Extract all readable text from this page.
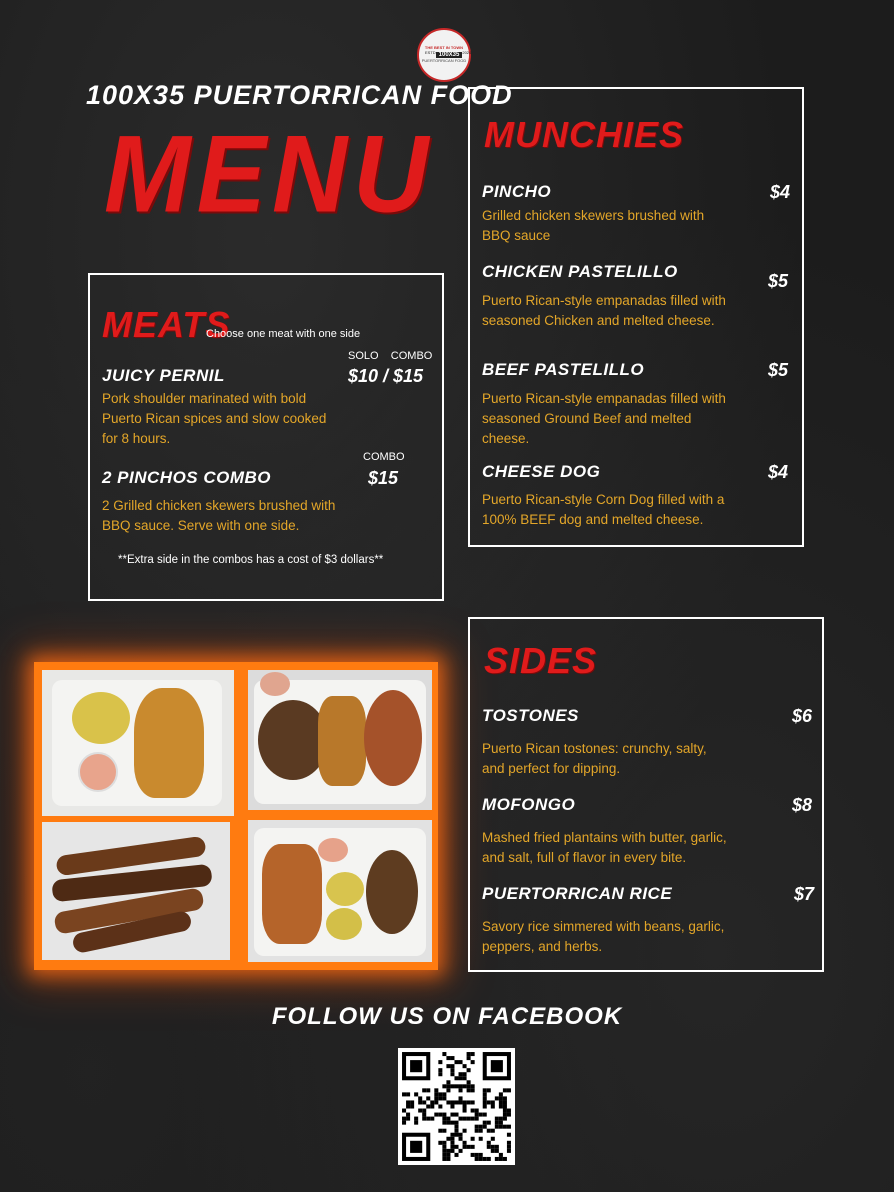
THE BEST IN TOWN
ESTD 100X35 2024
PUERTORRICAN FOOD
100X35 PUERTORRICAN FOOD
MENU
MEATS
Choose one meat with one side
JUICY PERNIL
SOLO    COMBO
$10 / $15
Pork shoulder marinated with bold Puerto Rican spices and slow cooked for 8 hours.
2 PINCHOS COMBO
COMBO
$15
2 Grilled chicken skewers brushed with BBQ sauce. Serve with one side.
**Extra side in the combos has a cost of $3 dollars**
MUNCHIES
PINCHO	$4
Grilled chicken skewers brushed with BBQ sauce
CHICKEN PASTELILLO	$5
Puerto Rican-style empanadas filled with seasoned Chicken and melted cheese.
BEEF PASTELILLO	$5
Puerto Rican-style empanadas filled with seasoned Ground Beef and melted cheese.
CHEESE DOG	$4
Puerto Rican-style Corn Dog filled with a 100% BEEF dog and melted cheese.
SIDES
TOSTONES	$6
Puerto Rican tostones: crunchy, salty, and perfect for dipping.
MOFONGO	$8
Mashed fried plantains with butter, garlic, and salt, full of flavor in every bite.
PUERTORRICAN RICE	$7
Savory rice simmered with beans, garlic, peppers, and herbs.
FOLLOW US ON FACEBOOK
